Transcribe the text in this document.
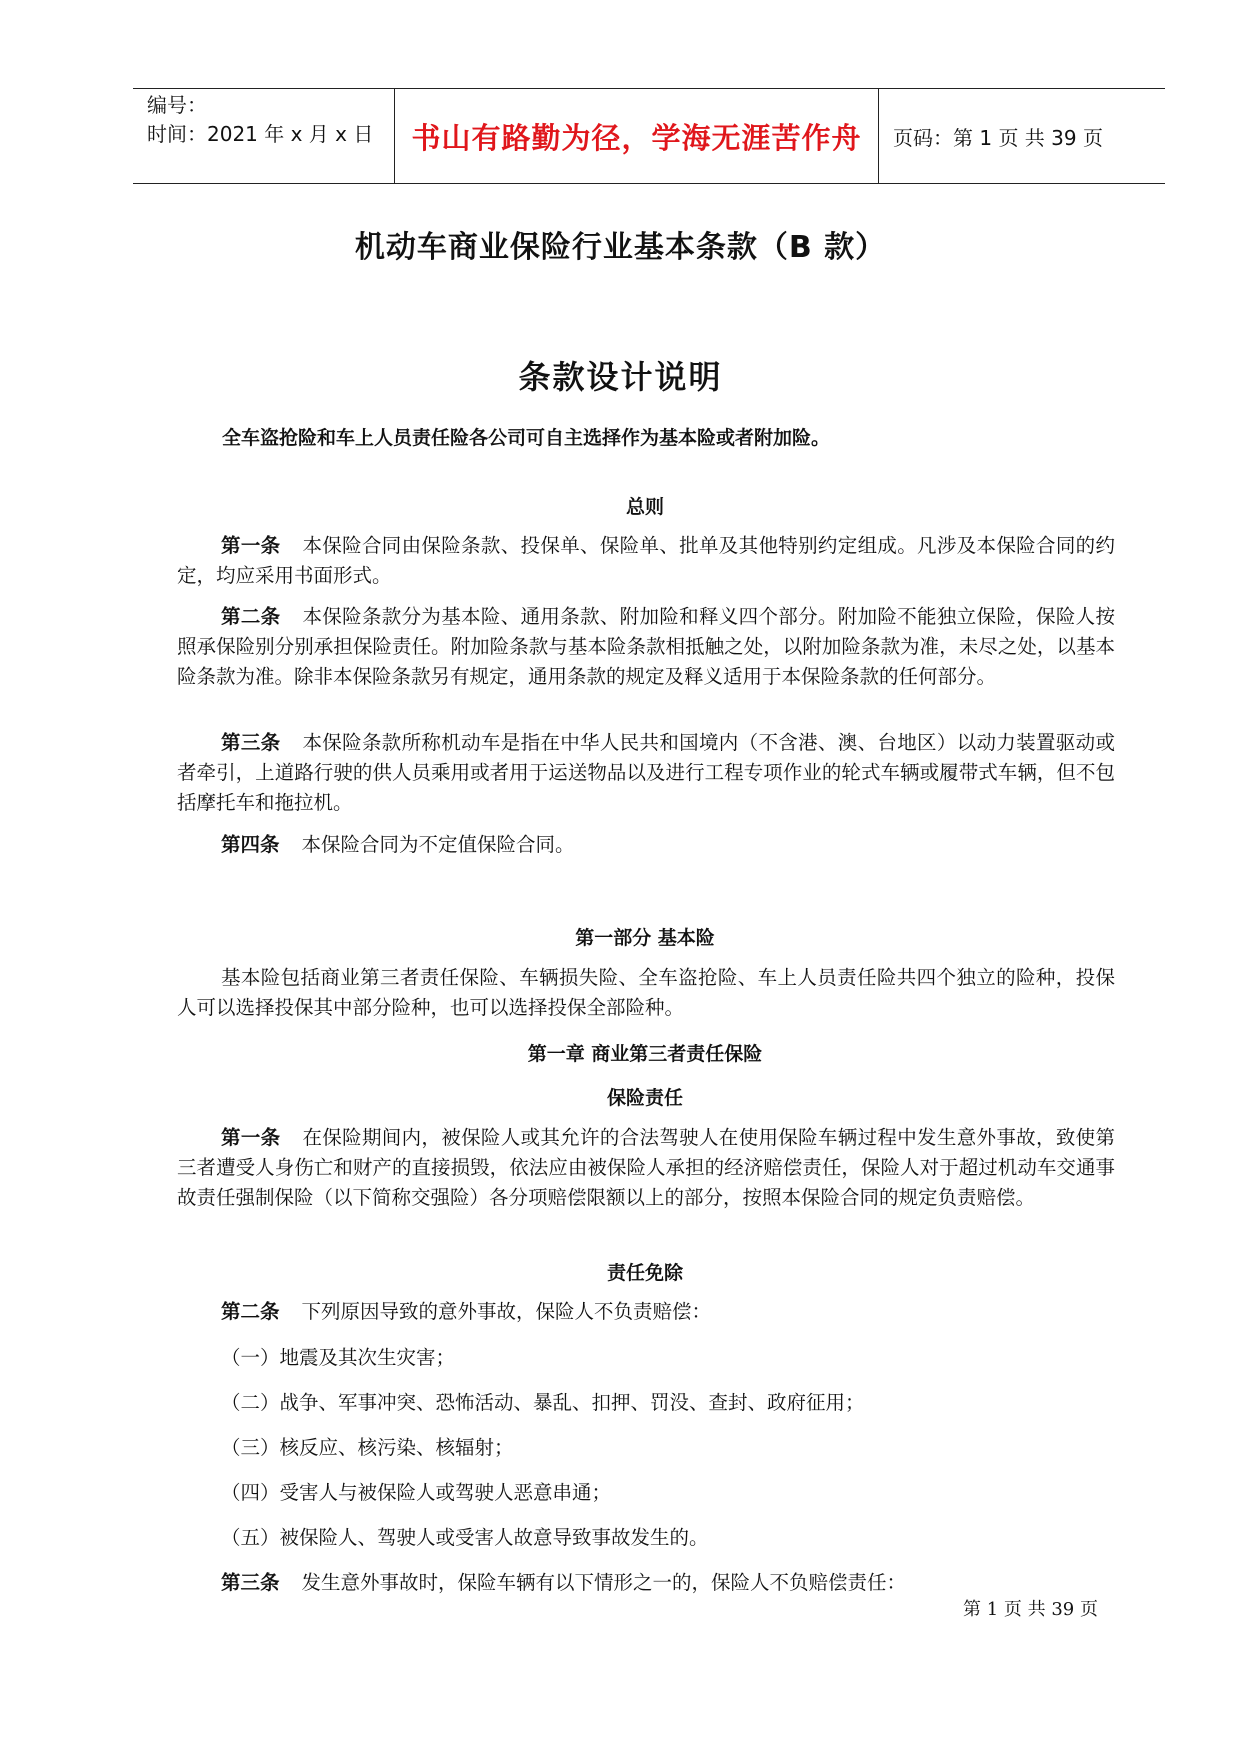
编号：
时间：2021 年 x 月 x 日	书山有路勤为径，学海无涯苦作舟	页码：第 1 页 共 39 页
机动车商业保险行业基本条款（B 款）
条款设计说明
全车盗抢险和车上人员责任险各公司可自主选择作为基本险或者附加险。
总则
第一条 本保险合同由保险条款、投保单、保险单、批单及其他特别约定组成。凡涉及本保险合同的约定，均应采用书面形式。
第二条 本保险条款分为基本险、通用条款、附加险和释义四个部分。附加险不能独立保险，保险人按照承保险别分别承担保险责任。附加险条款与基本险条款相抵触之处，以附加险条款为准，未尽之处，以基本险条款为准。除非本保险条款另有规定，通用条款的规定及释义适用于本保险条款的任何部分。
第三条 本保险条款所称机动车是指在中华人民共和国境内（不含港、澳、台地区）以动力装置驱动或者牵引，上道路行驶的供人员乘用或者用于运送物品以及进行工程专项作业的轮式车辆或履带式车辆，但不包括摩托车和拖拉机。
第四条 本保险合同为不定值保险合同。
第一部分 基本险
基本险包括商业第三者责任保险、车辆损失险、全车盗抢险、车上人员责任险共四个独立的险种，投保人可以选择投保其中部分险种，也可以选择投保全部险种。
第一章 商业第三者责任保险
保险责任
第一条 在保险期间内，被保险人或其允许的合法驾驶人在使用保险车辆过程中发生意外事故，致使第三者遭受人身伤亡和财产的直接损毁，依法应由被保险人承担的经济赔偿责任，保险人对于超过机动车交通事故责任强制保险（以下简称交强险）各分项赔偿限额以上的部分，按照本保险合同的规定负责赔偿。
责任免除
第二条 下列原因导致的意外事故，保险人不负责赔偿：
（一）地震及其次生灾害；
（二）战争、军事冲突、恐怖活动、暴乱、扣押、罚没、查封、政府征用；
（三）核反应、核污染、核辐射；
（四）受害人与被保险人或驾驶人恶意串通；
（五）被保险人、驾驶人或受害人故意导致事故发生的。
第三条 发生意外事故时，保险车辆有以下情形之一的，保险人不负赔偿责任：
第 1 页 共 39 页
